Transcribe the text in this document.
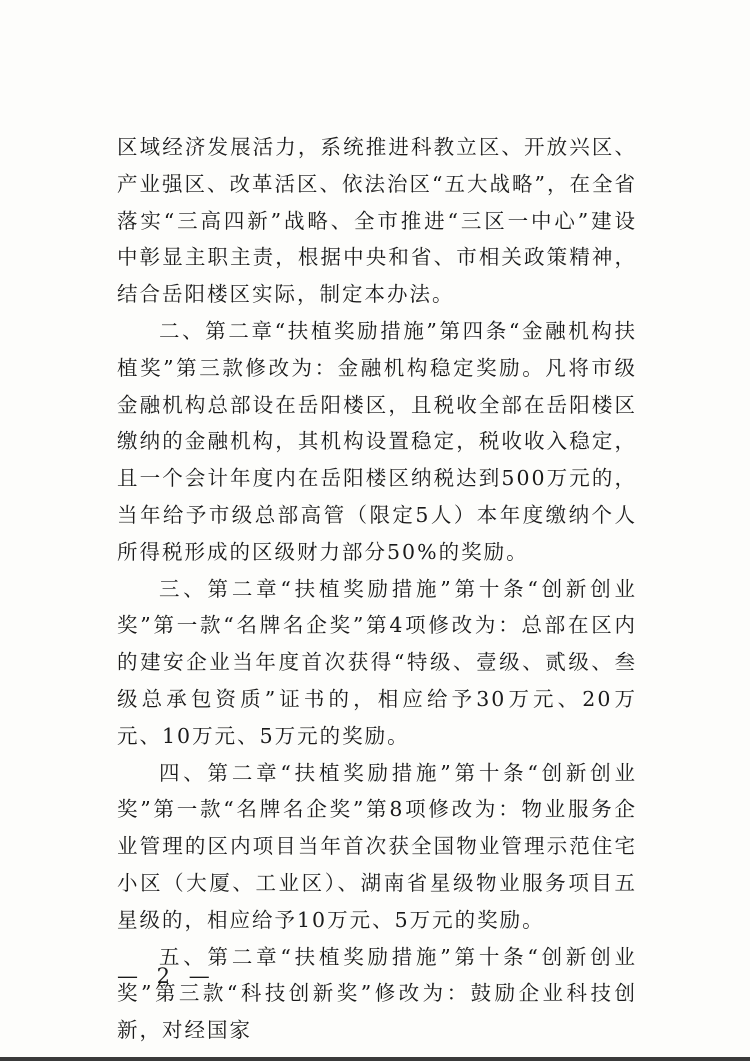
区域经济发展活力，系统推进科教立区、开放兴区、产业强区、改革活区、依法治区“五大战略”，在全省落实“三高四新”战略、全市推进“三区一中心”建设中彰显主职主责，根据中央和省、市相关政策精神，结合岳阳楼区实际，制定本办法。

二、第二章“扶植奖励措施”第四条“金融机构扶植奖”第三款修改为：金融机构稳定奖励。凡将市级金融机构总部设在岳阳楼区，且税收全部在岳阳楼区缴纳的金融机构，其机构设置稳定，税收收入稳定，且一个会计年度内在岳阳楼区纳税达到500万元的，当年给予市级总部高管（限定5人）本年度缴纳个人所得税形成的区级财力部分50%的奖励。

三、第二章“扶植奖励措施”第十条“创新创业奖”第一款“名牌名企奖”第4项修改为：总部在区内的建安企业当年度首次获得“特级、壹级、贰级、叁级总承包资质”证书的，相应给予30万元、20万元、10万元、5万元的奖励。

四、第二章“扶植奖励措施”第十条“创新创业奖”第一款“名牌名企奖”第8项修改为：物业服务企业管理的区内项目当年首次获全国物业管理示范住宅小区（大厦、工业区）、湖南省星级物业服务项目五星级的，相应给予10万元、5万元的奖励。

五、第二章“扶植奖励措施”第十条“创新创业奖”第三款“科技创新奖”修改为：鼓励企业科技创新，对经国家

— 2 —
